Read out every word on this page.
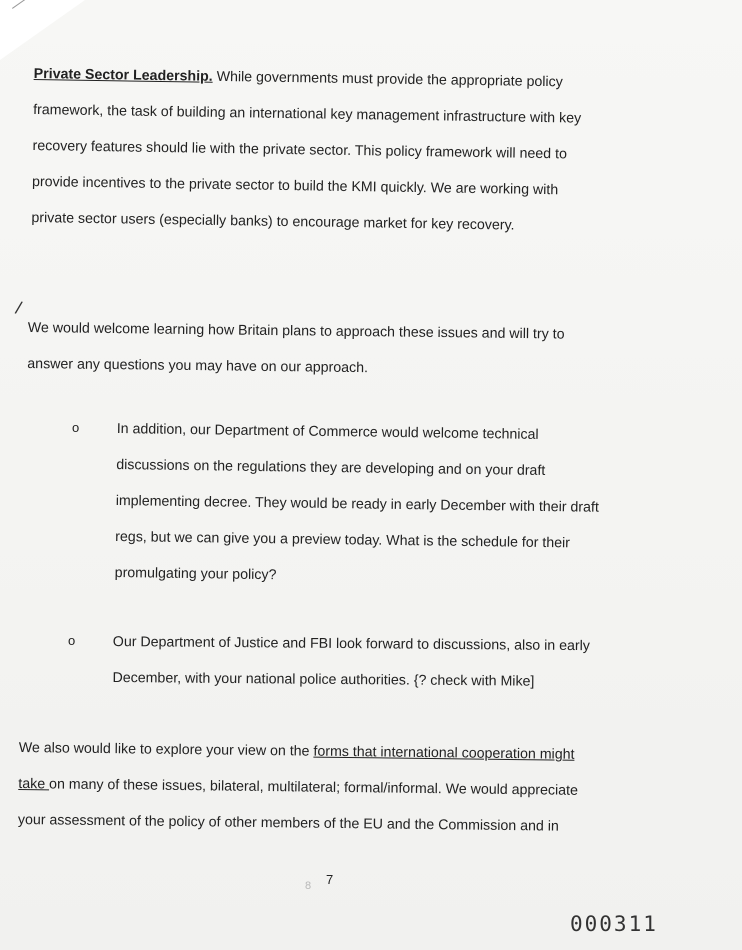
Private Sector Leadership. While governments must provide the appropriate policy
framework, the task of building an international key management infrastructure with key
recovery features should lie with the private sector. This policy framework will need to
provide incentives to the private sector to build the KMI quickly. We are working with
private sector users (especially banks) to encourage market for key recovery.
/
We would welcome learning how Britain plans to approach these issues and will try to
answer any questions you may have on our approach.
o	In addition, our Department of Commerce would welcome technical
discussions on the regulations they are developing and on your draft
implementing decree. They would be ready in early December with their draft
regs, but we can give you a preview today. What is the schedule for their
promulgating your policy?
o	Our Department of Justice and FBI look forward to discussions, also in early
December, with your national police authorities. {? check with Mike]
We also would like to explore your view on the forms that international cooperation might
take on many of these issues, bilateral, multilateral; formal/informal. We would appreciate
your assessment of the policy of other members of the EU and the Commission and in
8 7
000311
